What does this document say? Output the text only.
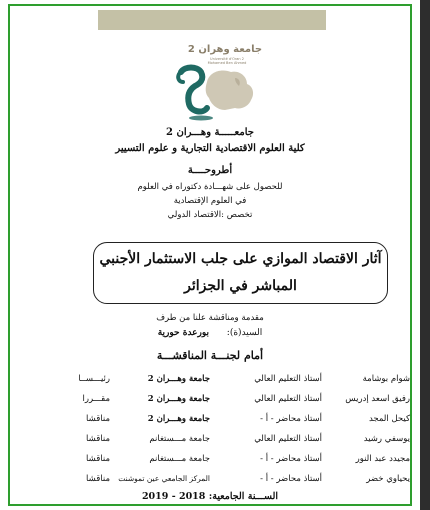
جامعة وهران 2
Université d'Oran 2
Mohamed Ben Ahmed
جامعـــــة وهـــران 2
كلية العلوم الاقتصادية التجارية و علوم التسيير
أطروحــــة
للحصول على شهـــادة دكتوراه في العلوم
في العلوم الإقتصادية
تخصص :الاقتصاد الدولي
آثار الاقتصاد الموازي على جلب الاستثمار الأجنبي
المباشر في الجزائر
مقدمة ومناقشة علنا من طرف
السيد(ة):  بورعدة حورية
أمام لجنـــة المناقشـــة
شوام بوشامة
أستاذ التعليم العالي
جامعة وهـــران 2
رئيـــســا
رفيق اسعد إدريس
أستاذ التعليم العالي
جامعة وهـــران 2
مقـــررا
كيحل المجد
أستاذ محاضر - أ -
جامعة وهـــران 2
مناقشا
يوسفي رشيد
أستاذ التعليم العالي
جامعة مـــستغانم
مناقشا
مجيدد عبد النور
أستاذ محاضر - أ -
جامعة مـــستغانم
مناقشا
يحياوي خضر
أستاذ محاضر - أ -
المركز الجامعي عين تموشنت
مناقشا
الســـنة الجامعية: 2018 - 2019
